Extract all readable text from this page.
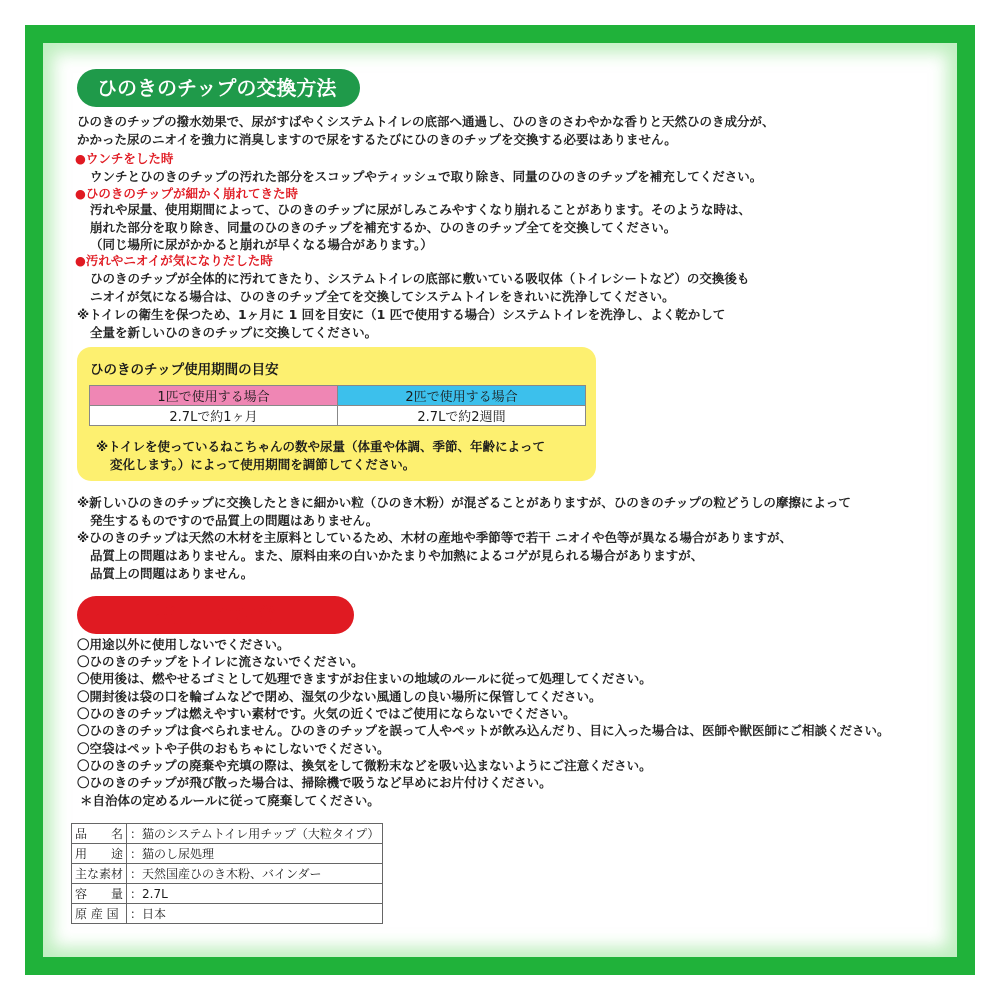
ひのきのチップの交換方法
ひのきのチップの撥水効果で、尿がすばやくシステムトイレの底部へ通過し、ひのきのさわやかな香りと天然ひのき成分が、
かかった尿のニオイを強力に消臭しますので尿をするたびにひのきのチップを交換する必要はありません。
●ウンチをした時
ウンチとひのきのチップの汚れた部分をスコップやティッシュで取り除き、同量のひのきのチップを補充してください。
●ひのきのチップが細かく崩れてきた時
汚れや尿量、使用期間によって、ひのきのチップに尿がしみこみやすくなり崩れることがあります。そのような時は、
崩れた部分を取り除き、同量のひのきのチップを補充するか、ひのきのチップ全てを交換してください。
（同じ場所に尿がかかると崩れが早くなる場合があります。）
●汚れやニオイが気になりだした時
ひのきのチップが全体的に汚れてきたり、システムトイレの底部に敷いている吸収体（トイレシートなど）の交換後も
ニオイが気になる場合は、ひのきのチップ全てを交換してシステムトイレをきれいに洗浄してください。
※トイレの衛生を保つため、1ヶ月に 1 回を目安に（1 匹で使用する場合）システムトイレを洗浄し、よく乾かして
全量を新しいひのきのチップに交換してください。
ひのきのチップ使用期間の目安
1匹で使用する場合	2匹で使用する場合
2.7Lで約1ヶ月	2.7Lで約2週間
※トイレを使っているねこちゃんの数や尿量（体重や体調、季節、年齢によって
変化します。）によって使用期間を調節してください。
※新しいひのきのチップに交換したときに細かい粒（ひのき木粉）が混ざることがありますが、ひのきのチップの粒どうしの摩擦によって
発生するものですので品質上の問題はありません。
※ひのきのチップは天然の木材を主原料としているため、木材の産地や季節等で若干 ニオイや色等が異なる場合がありますが、
品質上の問題はありません。また、原料由来の白いかたまりや加熱によるコゲが見られる場合がありますが、
品質上の問題はありません。
使用上の注意
〇用途以外に使用しないでください。
〇ひのきのチップをトイレに流さないでください。
〇使用後は、燃やせるゴミとして処理できますがお住まいの地域のルールに従って処理してください。
〇開封後は袋の口を輪ゴムなどで閉め、湿気の少ない風通しの良い場所に保管してください。
〇ひのきのチップは燃えやすい素材です。火気の近くではご使用にならないでください。
〇ひのきのチップは食べられません。ひのきのチップを誤って人やペットが飲み込んだり、目に入った場合は、医師や獣医師にご相談ください。
〇空袋はペットや子供のおもちゃにしないでください。
〇ひのきのチップの廃棄や充填の際は、換気をして微粉末などを吸い込まないようにご注意ください。
〇ひのきのチップが飛び散った場合は、掃除機で吸うなど早めにお片付けください。
＊自治体の定めるルールに従って廃棄してください。
品　　名	：猫のシステムトイレ用チップ（大粒タイプ）
用　　途	：猫のし尿処理
主な素材	：天然国産ひのき木粉、バインダー
容　　量	：2.7L
原 産 国	：日本
